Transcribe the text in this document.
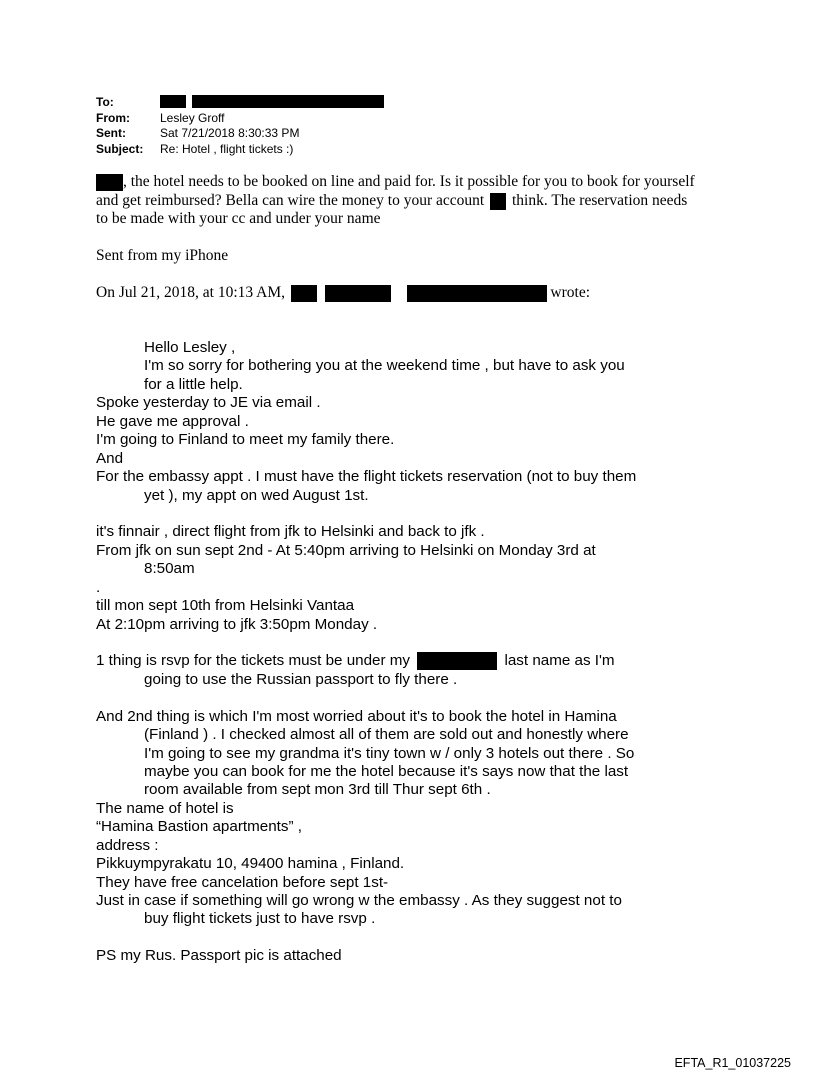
To:
From:	Lesley Groff
Sent:	Sat 7/21/2018 8:30:33 PM
Subject:	Re: Hotel , flight tickets :)
, the hotel needs to be booked on line and paid for. Is it possible for you to book for yourself
and get reimbursed? Bella can wire the money to your account think. The reservation needs
to be made with your cc and under your name
Sent from my iPhone
On Jul 21, 2018, at 10:13 AM,	wrote:
Hello Lesley ,
I'm so sorry for bothering you at the weekend time , but have to ask you
for a little help.
Spoke yesterday to JE via email .
He gave me approval .
I'm going to Finland to meet my family there.
And
For the embassy appt . I must have the flight tickets reservation (not to buy them
yet ), my appt on wed August 1st.
it's finnair , direct flight from jfk to Helsinki and back to jfk .
From jfk on sun sept 2nd - At 5:40pm arriving to Helsinki on Monday 3rd at
8:50am
.
till mon sept 10th from Helsinki Vantaa
At 2:10pm arriving to jfk 3:50pm Monday .
1 thing is rsvp for the tickets must be under my	last name as I'm
going to use the Russian passport to fly there .
And 2nd thing is which I'm most worried about it's to book the hotel in Hamina
(Finland ) . I checked almost all of them are sold out and honestly where
I'm going to see my grandma it's tiny town w / only 3 hotels out there . So
maybe you can book for me the hotel because it's says now that the last
room available from sept mon 3rd till Thur sept 6th .
The name of hotel is
“Hamina Bastion apartments” ,
address :
Pikkuympyrakatu 10, 49400 hamina , Finland.
They have free cancelation before sept 1st-
Just in case if something will go wrong w the embassy . As they suggest not to
buy flight tickets just to have rsvp .
PS my Rus. Passport pic is attached
EFTA_R1_01037225
